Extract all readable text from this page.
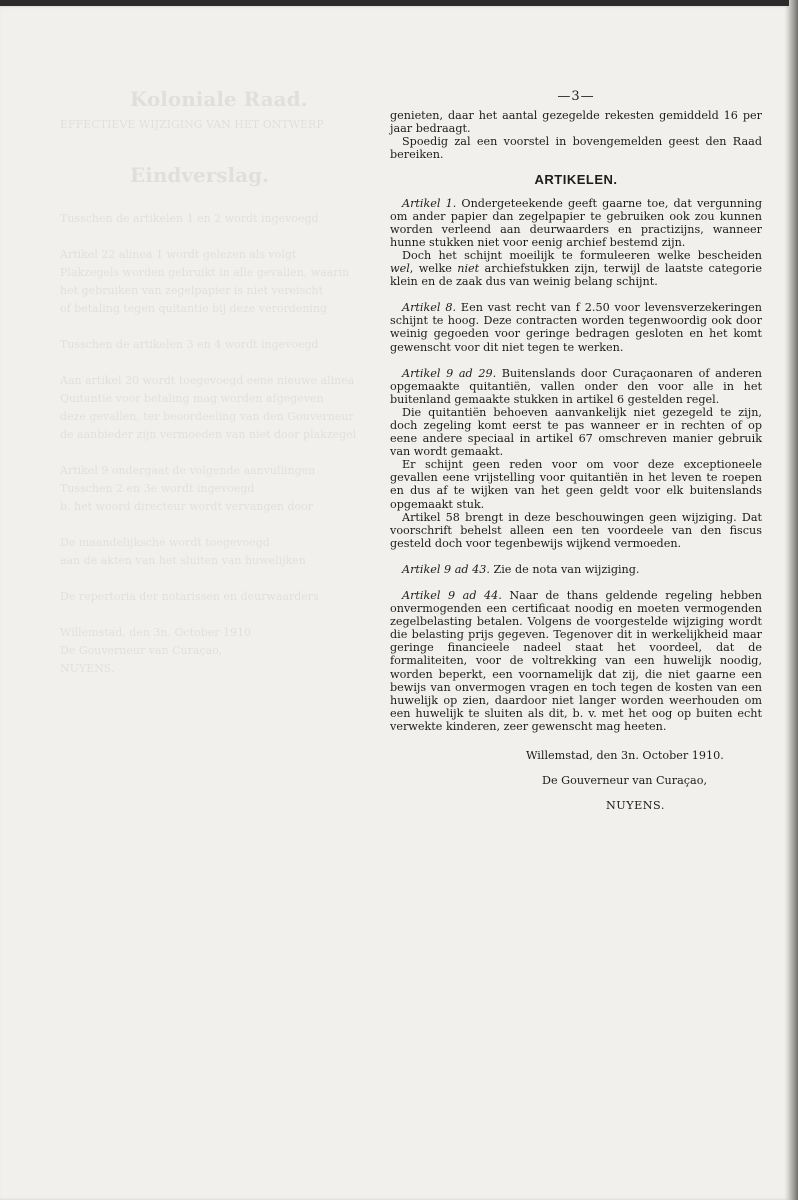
Koloniale Raad.
EFFECTIEVE WIJZIGING VAN HET ONTWERP

Eindverslag.

Tusschen de artikelen 1 en 2 wordt ingevoegd

Artikel 22 alinea 1 wordt gelezen als volgt
Plakzegels worden gebruikt in alle gevallen, waarin
het gebruiken van zegelpapier is niet vereischt
of betaling tegen quitantie bij deze verordening

Tusschen de artikelen 3 en 4 wordt ingevoegd

Aan artikel 20 wordt toegevoegd eene nieuwe alinea
Quitantie voor betaling mag worden afgegeven
deze gevallen, ter beoordeeling van den Gouverneur
de aanbieder zijn vermoeden van niet door plakzegel

Artikel 9 ondergaat de volgende aanvullingen
Tusschen 2 en 3e wordt ingevoegd
b. het woord directeur wordt vervangen door

De maandelijksche wordt toegevoegd
aan de akten van het sluiten van huwelijken

De repertoria der notarissen en deurwaarders

Willemstad, den 3n. October 1910
De Gouverneur van Curaçao,
NUYENS.
—3—

genieten, daar het aantal gezegelde rekesten gemiddeld 16 per jaar bedraagt.

Spoedig zal een voorstel in bovengemelden geest den Raad bereiken.

ARTIKELEN.

Artikel 1. Ondergeteekende geeft gaarne toe, dat vergunning om ander papier dan zegelpapier te gebruiken ook zou kunnen worden verleend aan deurwaarders en practizijns, wanneer hunne stukken niet voor eenig archief bestemd zijn.

Doch het schijnt moeilijk te formuleeren welke bescheiden wel, welke niet archiefstukken zijn, terwijl de laatste categorie klein en de zaak dus van weinig belang schijnt.

Artikel 8. Een vast recht van f 2.50 voor levensverzekeringen schijnt te hoog. Deze contracten worden tegenwoordig ook door weinig gegoeden voor geringe bedragen gesloten en het komt gewenscht voor dit niet tegen te werken.

Artikel 9 ad 29. Buitenslands door Curaçaonaren of anderen opgemaakte quitantiën, vallen onder den voor alle in het buitenland gemaakte stukken in artikel 6 gestelden regel.

Die quitantiën behoeven aanvankelijk niet gezegeld te zijn, doch zegeling komt eerst te pas wanneer er in rechten of op eene andere speciaal in artikel 67 omschreven manier gebruik van wordt gemaakt.

Er schijnt geen reden voor om voor deze exceptioneele gevallen eene vrijstelling voor quitantiën in het leven te roepen en dus af te wijken van het geen geldt voor elk buitenslands opgemaakt stuk.

Artikel 58 brengt in deze beschouwingen geen wijziging. Dat voorschrift behelst alleen een ten voordeele van den fiscus gesteld doch voor tegenbewijs wijkend vermoeden.

Artikel 9 ad 43. Zie de nota van wijziging.

Artikel 9 ad 44. Naar de thans geldende regeling hebben onvermogenden een certificaat noodig en moeten vermogenden zegelbelasting betalen. Volgens de voorgestelde wijziging wordt die belasting prijs gegeven. Tegenover dit in werkelijkheid maar geringe financieele nadeel staat het voordeel, dat de formaliteiten, voor de voltrekking van een huwelijk noodig, worden beperkt, een voornamelijk dat zij, die niet gaarne een bewijs van onvermogen vragen en toch tegen de kosten van een huwelijk op zien, daardoor niet langer worden weerhouden om een huwelijk te sluiten als dit, b. v. met het oog op buiten echt verwekte kinderen, zeer gewenscht mag heeten.

Willemstad, den 3n. October 1910.

De Gouverneur van Curaçao,

NUYENS.
